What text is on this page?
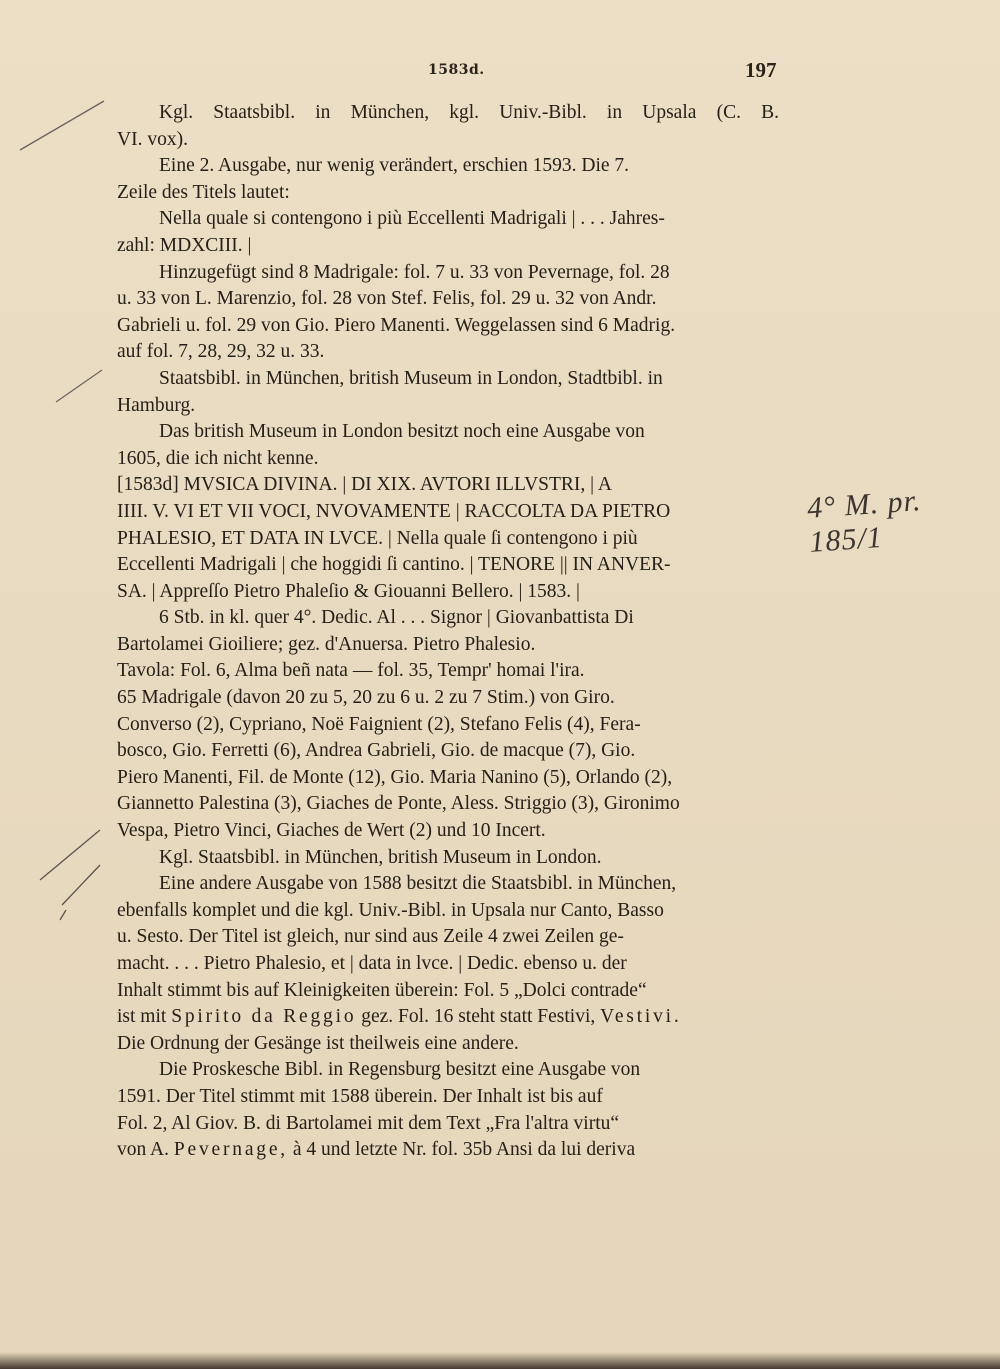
1583d.	197
Kgl. Staatsbibl. in München, kgl. Univ.-Bibl. in Upsala (C. B.
VI. vox).
Eine 2. Ausgabe, nur wenig verändert, erschien 1593. Die 7.
Zeile des Titels lautet:
Nella quale si contengono i più Eccellenti Madrigali | . . . Jahres-
zahl: MDXCIII. |
Hinzugefügt sind 8 Madrigale: fol. 7 u. 33 von Pevernage, fol. 28
u. 33 von L. Marenzio, fol. 28 von Stef. Felis, fol. 29 u. 32 von Andr.
Gabrieli u. fol. 29 von Gio. Piero Manenti. Weggelassen sind 6 Madrig.
auf fol. 7, 28, 29, 32 u. 33.
Staatsbibl. in München, british Museum in London, Stadtbibl. in
Hamburg.
Das british Museum in London besitzt noch eine Ausgabe von
1605, die ich nicht kenne.
[1583d] MVSICA DIVINA. | DI XIX. AVTORI ILLVSTRI, | A
IIII. V. VI ET VII VOCI, NVOVAMENTE | RACCOLTA DA PIETRO
PHALESIO, ET DATA IN LVCE. | Nella quale ſi contengono i più
Eccellenti Madrigali | che hoggidi ſi cantino. | TENORE || IN ANVER-
SA. | Appreſſo Pietro Phaleſio & Giouanni Bellero. | 1583. |
6 Stb. in kl. quer 4°. Dedic. Al . . . Signor | Giovanbattista Di
Bartolamei Gioiliere; gez. d'Anuersa. Pietro Phalesio.
Tavola: Fol. 6, Alma beñ nata — fol. 35, Tempr' homai l'ira.
65 Madrigale (davon 20 zu 5, 20 zu 6 u. 2 zu 7 Stim.) von Giro.
Converso (2), Cypriano, Noë Faignient (2), Stefano Felis (4), Fera-
bosco, Gio. Ferretti (6), Andrea Gabrieli, Gio. de macque (7), Gio.
Piero Manenti, Fil. de Monte (12), Gio. Maria Nanino (5), Orlando (2),
Giannetto Palestina (3), Giaches de Ponte, Aless. Striggio (3), Gironimo
Vespa, Pietro Vinci, Giaches de Wert (2) und 10 Incert.
Kgl. Staatsbibl. in München, british Museum in London.
Eine andere Ausgabe von 1588 besitzt die Staatsbibl. in München,
ebenfalls komplet und die kgl. Univ.-Bibl. in Upsala nur Canto, Basso
u. Sesto. Der Titel ist gleich, nur sind aus Zeile 4 zwei Zeilen ge-
macht. . . . Pietro Phalesio, et | data in lvce. | Dedic. ebenso u. der
Inhalt stimmt bis auf Kleinigkeiten überein: Fol. 5 „Dolci contrade“
ist mit Spirito da Reggio gez. Fol. 16 steht statt Festivi, Vestivi.
Die Ordnung der Gesänge ist theilweis eine andere.
Die Proskesche Bibl. in Regensburg besitzt eine Ausgabe von
1591. Der Titel stimmt mit 1588 überein. Der Inhalt ist bis auf
Fol. 2, Al Giov. B. di Bartolamei mit dem Text „Fra l'altra virtu“
von A. Pevernage, à 4 und letzte Nr. fol. 35b Ansi da lui deriva
4° M. pr. 185/1
